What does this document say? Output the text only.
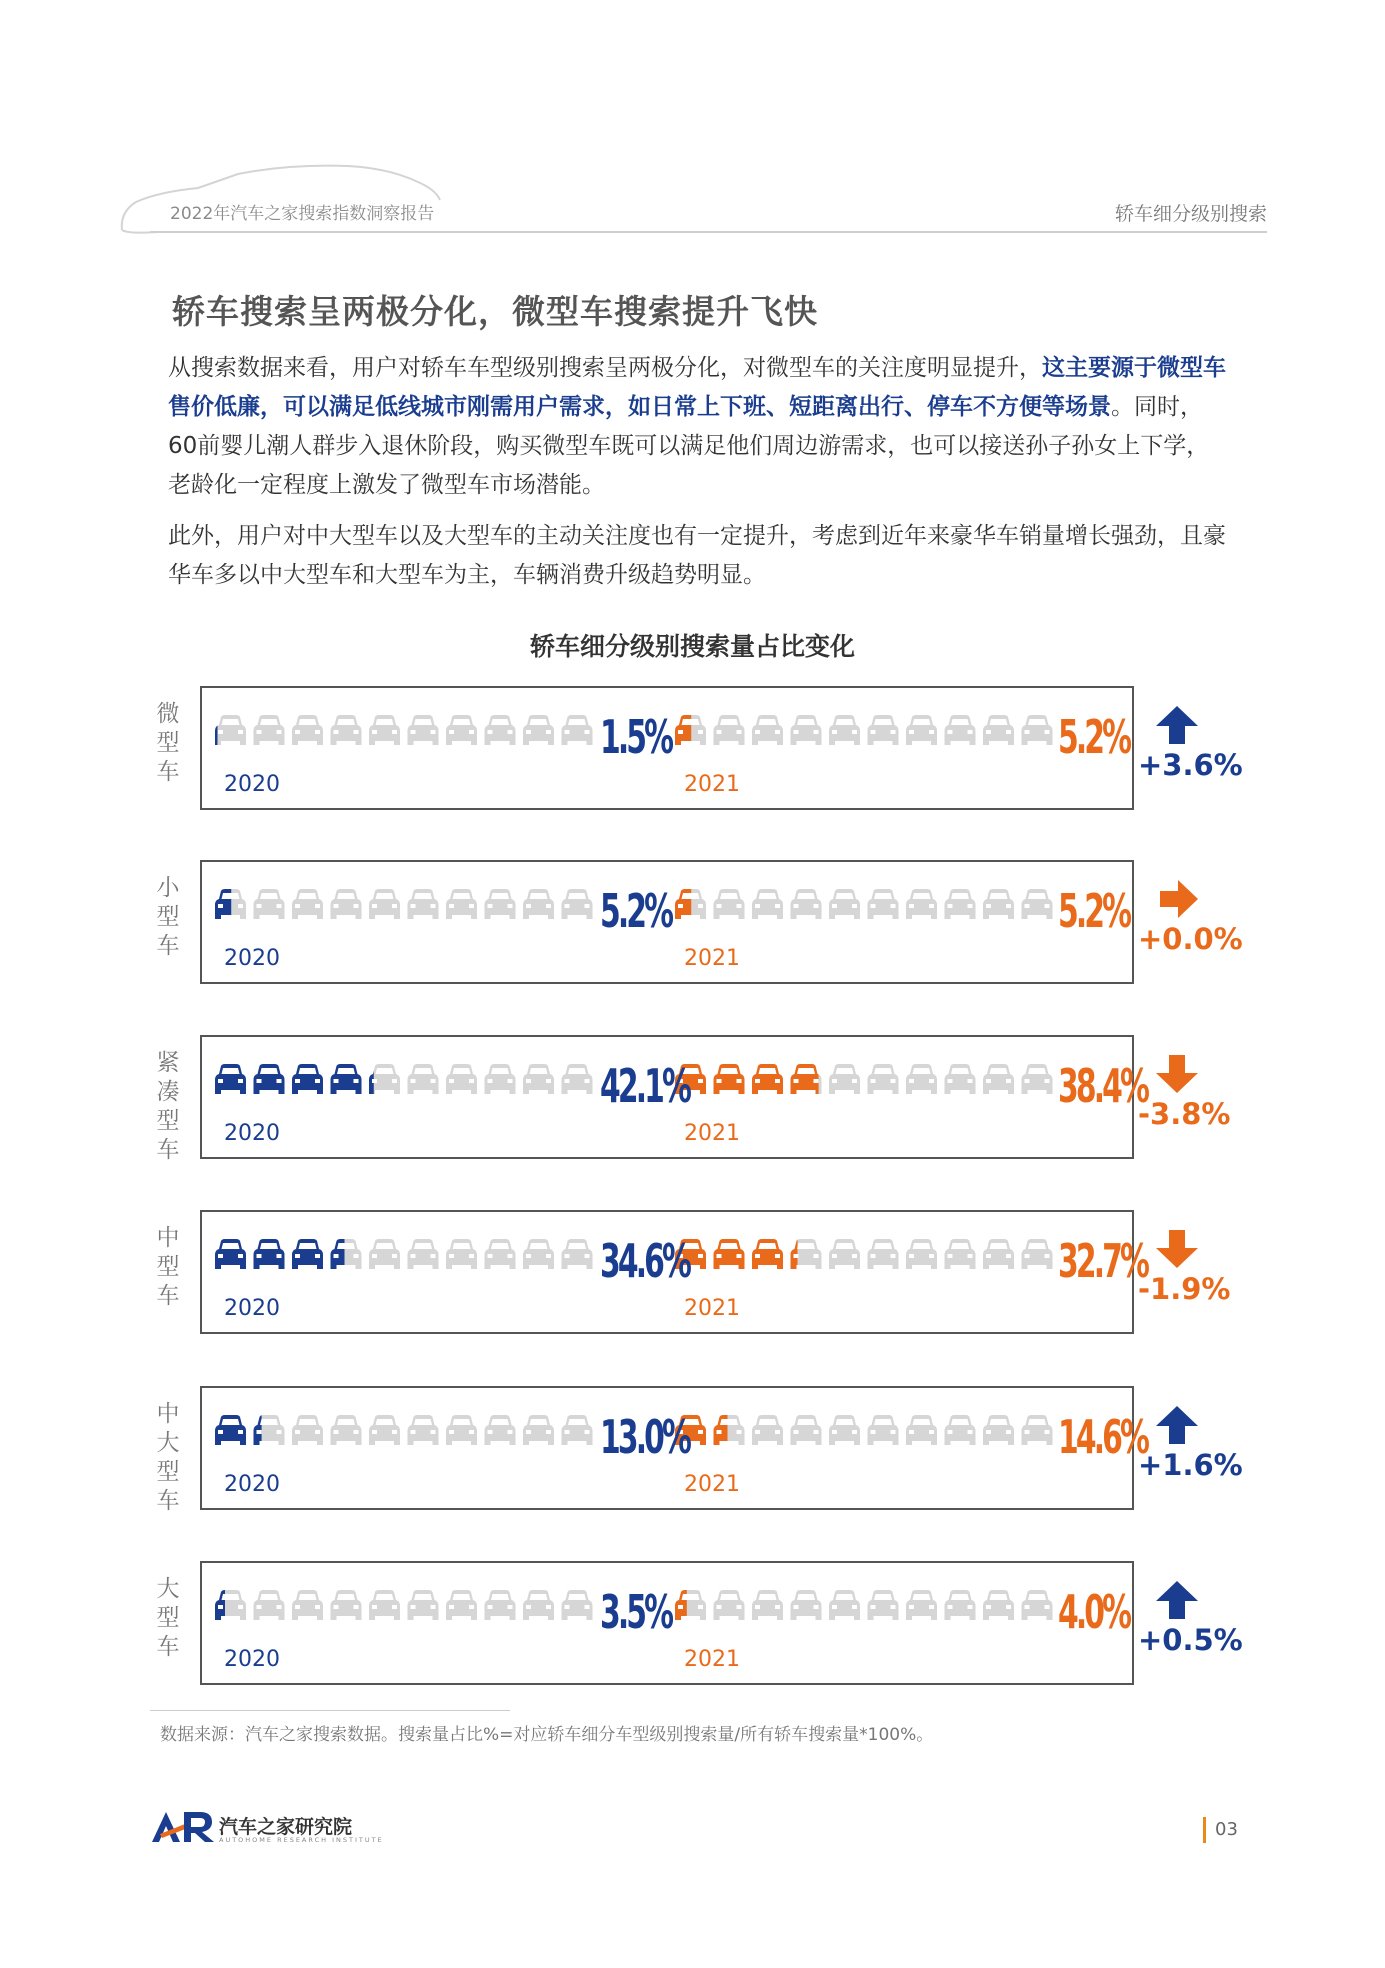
2022年汽车之家搜索指数洞察报告	轿车细分级别搜索
轿车搜索呈两极分化，微型车搜索提升飞快
从搜索数据来看，用户对轿车车型级别搜索呈两极分化，对微型车的关注度明显提升，这主要源于微型车售价低廉，可以满足低线城市刚需用户需求，如日常上下班、短距离出行、停车不方便等场景。同时，60前婴儿潮人群步入退休阶段，购买微型车既可以满足他们周边游需求，也可以接送孙子孙女上下学，老龄化一定程度上激发了微型车市场潜能。
此外，用户对中大型车以及大型车的主动关注度也有一定提升，考虑到近年来豪华车销量增长强劲，且豪华车多以中大型车和大型车为主，车辆消费升级趋势明显。
轿车细分级别搜索量占比变化
微型车
1.5%	5.2%
2020	2021
+3.6%
小型车
5.2%	5.2%
2020	2021
+0.0%
紧凑型车
42.1%	38.4%
2020	2021
-3.8%
中型车
34.6%	32.7%
2020	2021
-1.9%
中大型车
13.0%	14.6%
2020	2021
+1.6%
大型车
3.5%	4.0%
2020	2021
+0.5%
数据来源：汽车之家搜索数据。搜索量占比%=对应轿车细分车型级别搜索量/所有轿车搜索量*100%。
汽车之家研究院
AUTOHOME RESEARCH INSTITUTE	03
